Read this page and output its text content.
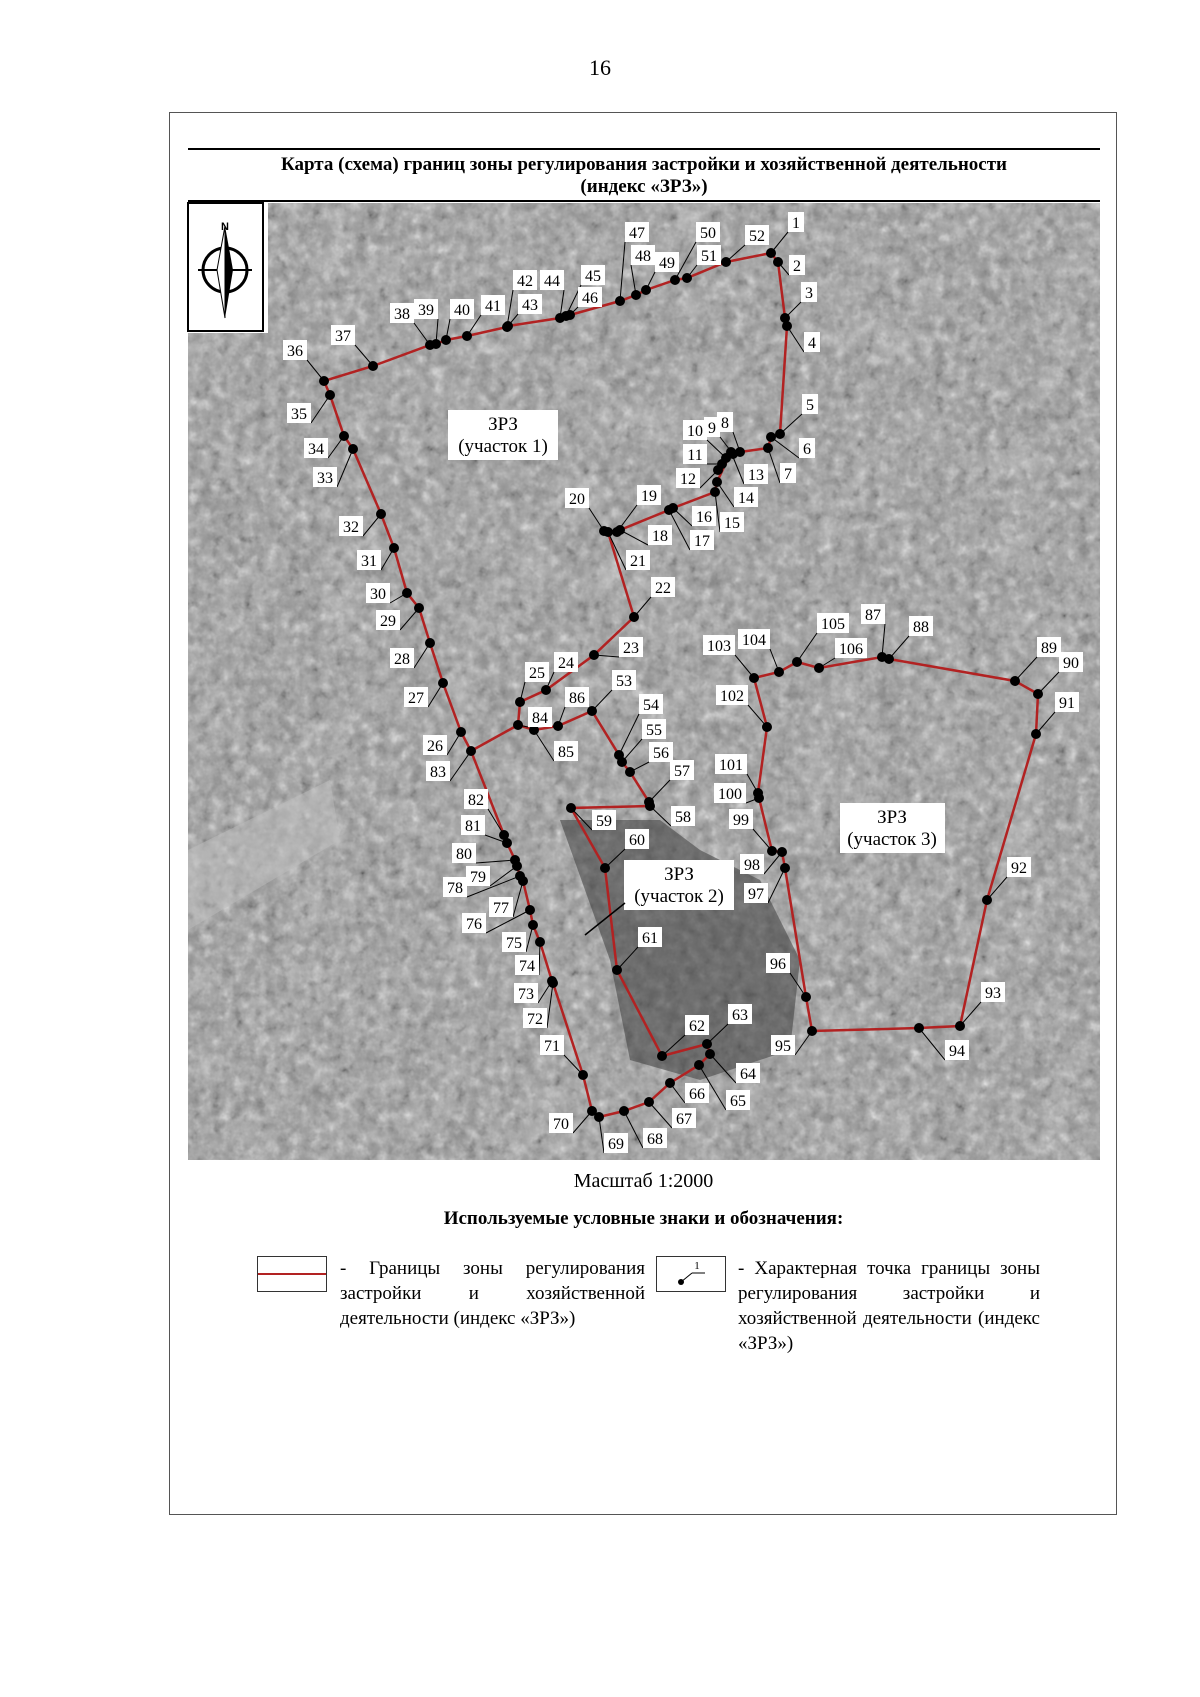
16
Карта (схема) границ зоны регулирования застройки и хозяйственной деятельности
(индекс «ЗРЗ»)
N	1
2
3
4
5
6
7
8
9
10
11
12	13
14
15
16
17
18
19
20
21
22
23
24
25
26
27
28
29
30
31
32
33
34
35
36
37
38 39 40 41
42
43
44 45
46
47
48 49
50
51
52
53
54
55
56
57
58
59
60
61
62
63
64
65
66
67
68
69
70
71
72
73
74
75
76
77
78
79
80
81
82
83
84
85
86
87
88
89
90
91
92
93
94
95
96
97
98
99
100
101
102
103 104
105
106
ЗРЗ
(участок 1)
ЗРЗ
(участок 2)
ЗРЗ
(участок 3)
Масштаб 1:2000
Используемые условные знаки и обозначения:
- Границы зоны регулирования застройки и хозяйственной деятельности (индекс «ЗРЗ»)
1 - Характерная точка границы зоны регулирования застройки и хозяйственной деятельности (индекс «ЗРЗ»)
